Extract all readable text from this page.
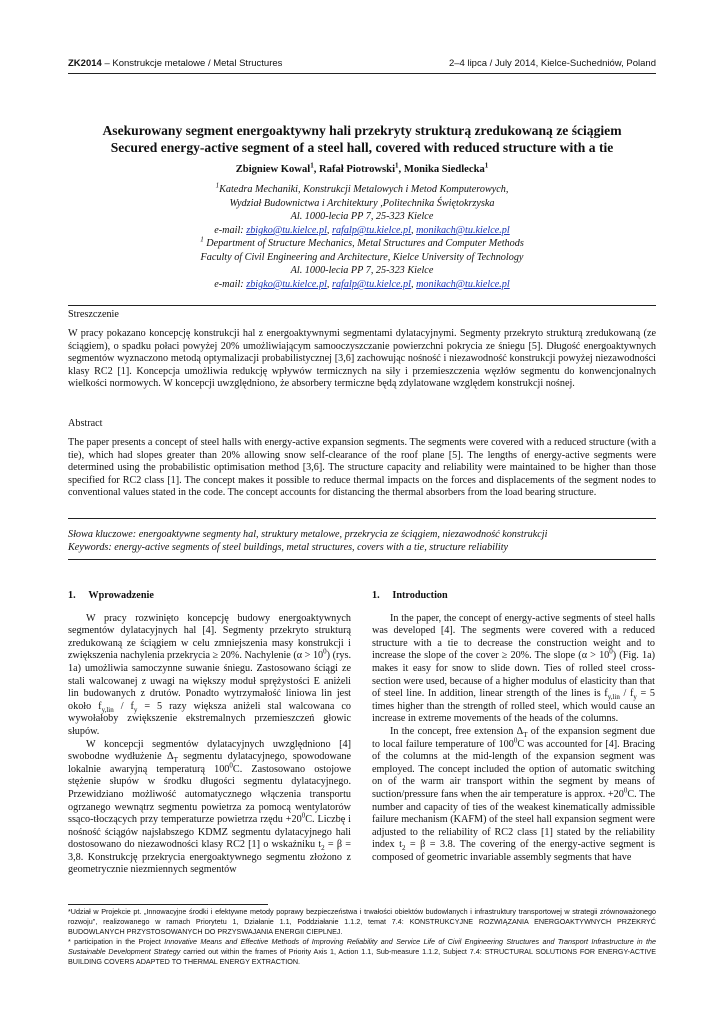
ZK2014 – Konstrukcje metalowe / Metal Structures	2–4 lipca / July 2014, Kielce-Suchedniów, Poland
Asekurowany segment energoaktywny hali przekryty strukturą zredukowaną ze ściągiem
Secured energy-active segment of a steel hall, covered with reduced structure with a tie
Zbigniew Kowal$^1$, Rafał Piotrowski$^1$, Monika Siedlecka$^1$
$^1$Katedra Mechaniki, Konstrukcji Metalowych i Metod Komputerowych,
Wydział Budownictwa i Architektury ,Politechnika Świętokrzyska
Al. 1000-lecia PP 7, 25-323 Kielce
e-mail: zbigko@tu.kielce.pl, rafalp@tu.kielce.pl, monikach@tu.kielce.pl
$^1$ Department of Structure Mechanics, Metal Structures and Computer Methods
Faculty of Civil Engineering and Architecture, Kielce University of Technology
Al. 1000-lecia PP 7, 25-323 Kielce
e-mail: zbigko@tu.kielce.pl, rafalp@tu.kielce.pl, monikach@tu.kielce.pl
Streszczenie
W pracy pokazano koncepcję konstrukcji hal z energoaktywnymi segmentami dylatacyjnymi. Segmenty przekryto strukturą zredukowaną (ze ściągiem), o spadku połaci powyżej 20% umożliwiającym samooczyszczanie powierzchni pokrycia ze śniegu [5]. Długość energoaktywnych segmentów wyznaczono metodą optymalizacji probabilistycznej [3,6] zachowując nośność i niezawodność konstrukcji powyżej niezawodności klasy RC2 [1]. Koncepcja umożliwia redukcję wpływów termicznych na siły i przemieszczenia węzłów segmentu do konwencjonalnych wielkości normowych. W koncepcji uwzględniono, że absorbery termiczne będą zdylatowane względem konstrukcji nośnej.
Abstract
The paper presents a concept of steel halls with energy-active expansion segments. The segments were covered with a reduced structure (with a tie), which had slopes greater than 20% allowing snow self-clearance of the roof plane [5]. The lengths of energy-active segments were determined using the probabilistic optimisation method [3,6]. The structure capacity and reliability were maintained to be higher than those specified for RC2 class [1]. The concept makes it possible to reduce thermal impacts on the forces and displacements of the segment nodes to conventional values stated in the code. The concept accounts for distancing the thermal absorbers from the load bearing structure.
Słowa kluczowe: energoaktywne segmenty hal, struktury metalowe, przekrycia ze ściągiem, niezawodność konstrukcji
Keywords: energy-active segments of steel buildings, metal structures, covers with a tie, structure reliability
1.     Wprowadzenie

W pracy rozwinięto koncepcję budowy energoaktywnych segmentów dylatacyjnych hal [4]. Segmenty przekryto strukturą zredukowaną ze ściągiem w celu zmniejszenia masy konstrukcji i zwiększenia nachylenia przekrycia ≥ 20%. Nachylenie $(\alpha > 10^0)$ (rys. 1a) umożliwia samoczynne suwanie śniegu. Zastosowano ściągi ze stali walcowanej z uwagi na większy moduł sprężystości E aniżeli lin budowanych z drutów. Ponadto wytrzymałość liniowa lin jest około $f_{y,lin} / f_y = 5$ razy większa aniżeli stal walcowana co wywołałoby zwiększenie ekstremalnych przemieszczeń głowic słupów.

W koncepcji segmentów dylatacyjnych uwzględniono [4] swobodne wydłużenie $\Delta_T$ segmentu dylatacyjnego, spowodowane lokalnie awaryjną temperaturą $100^0C$. Zastosowano ostojowe stężenie słupów w środku długości segmentu dylatacyjnego. Przewidziano możliwość automatycznego włączenia transportu ogrzanego wewnątrz segmentu powietrza za pomocą wentylatorów ssąco-tłoczących przy temperaturze powietrza rzędu $+20^0C$. Liczbę i nośność ściągów najsłabszego KDMZ segmentu dylatacyjnego hali dostosowano do niezawodności klasy RC2 [1] o wskaźniku $t_2 = \beta = 3,8$. Konstrukcję przekrycia energoaktywnego segmentu złożono z geometrycznie niezmiennych segmentów

1.     Introduction

In the paper, the concept of energy-active segments of steel halls was developed [4]. The segments were covered with a reduced structure with a tie to decrease the construction weight and to increase the slope of the cover ≥ 20%. The slope $(\alpha > 10^0)$ (Fig. 1a) makes it easy for snow to slide down. Ties of rolled steel cross-section were used, because of a higher modulus of elasticity than that of steel line. In addition, linear strength of the lines is $f_{y,lin} / f_y = 5$ times higher than the strength of rolled steel, which would cause an increase in extreme movements of the heads of the columns.

In the concept, free extension $\Delta_T$ of the expansion segment due to local failure temperature of $100^0C$ was accounted for [4]. Bracing of the columns at the mid-length of the expansion segment was employed. The concept included the option of automatic switching on of the warm air transport within the segment by means of suction/pressure fans when the air temperature is approx. $+20^0C$. The number and capacity of ties of the weakest kinematically admissible failure mechanism (KAFM) of the steel hall expansion segment were adjusted to the reliability of RC2 class [1] stated by the reliability index $t_2 = \beta = 3.8$. The covering of the energy-active segment is composed of geometric invariable assembly segments that have

*Udział w Projekcie pt. „Innowacyjne środki i efektywne metody poprawy bezpieczeństwa i trwałości obiektów budowlanych i infrastruktury transportowej w strategii zrównoważonego rozwoju", realizowanego w ramach Priorytetu 1, Działanie 1.1, Poddziałanie 1.1.2, temat 7.4: KONSTRUKCYJNE ROZWIĄZANIA ENERGOAKTYWNYCH PRZEKRYĆ BUDOWLANYCH PRZYSTOSOWANYCH DO PRZYSWAJANIA ENERGII CIEPLNEJ.

* participation in the Project Innovative Means and Effective Methods of Improving Reliability and Service Life of Civil Engineering Structures and Transport Infrastructure in the Sustainable Development Strategy carried out within the frames of Priority Axis 1, Action 1.1, Sub-measure 1.1.2, Subject 7.4: STRUCTURAL SOLUTIONS FOR ENERGY-ACTIVE BUILDING COVERS ADAPTED TO THERMAL ENERGY EXTRACTION.
